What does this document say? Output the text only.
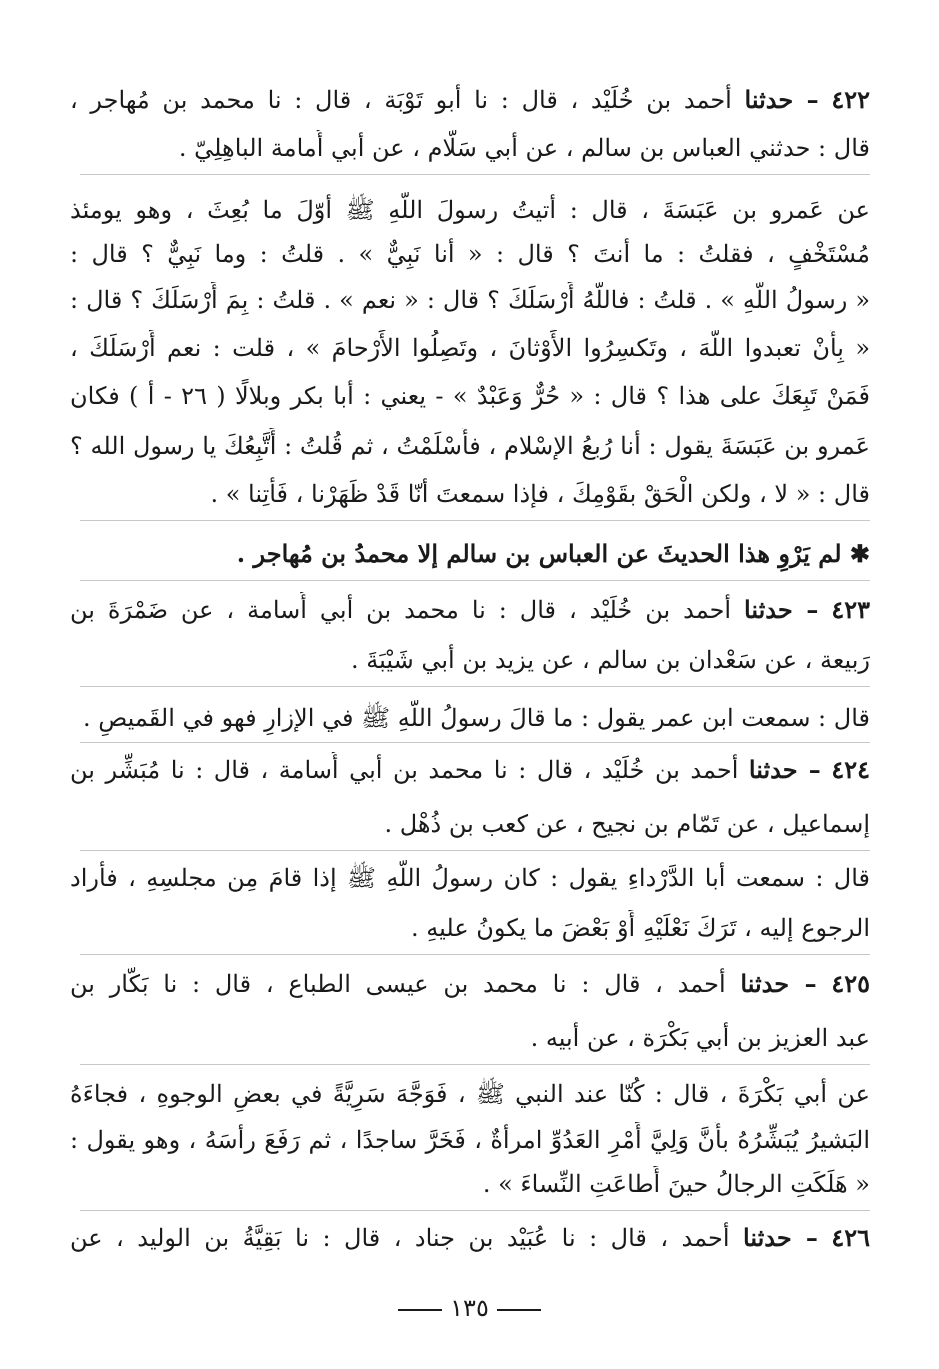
٤٢٢ – حدثنا أحمد بن خُلَيْد ، قال : نا أبو تَوْبَة ، قال : نا محمد بن مُهاجر ،
قال : حدثني العباس بن سالم ، عن أبي سَلّام ، عن أبي أُمامة الباهِلِيّ .
عن عَمرو بن عَبَسَةَ ، قال : أتيتُ رسولَ اللّهِ ﷺ أوّلَ ما بُعِثَ ، وهو يومئذ
مُسْتَخْفٍ ، فقلتُ : ما أنتَ ؟ قال : « أنا نَبِيٌّ » . قلتُ : وما نَبِيٌّ ؟ قال :
« رسولُ اللّهِ » . قلتُ : فاللّهُ أَرْسَلَكَ ؟ قال : « نعم » . قلتُ : بِمَ أَرْسَلَكَ ؟ قال :
« بِأَنْ تعبدوا اللّهَ ، وتَكسِرُوا الأَوْثانَ ، وتَصِلُوا الأَرْحامَ » ، قلت : نعم أَرْسَلَكَ ،
فَمَنْ تَبِعَكَ على هذا ؟ قال : « حُرٌّ وَعَبْدٌ » - يعني : أبا بكر وبلالًا ( ٢٦ - أ ) فكان
عَمرو بن عَبَسَةَ يقول : أنا رُبعُ الإسْلام ، فأَسْلَمْتُ ، ثم قُلتُ : أَتَّبِعُكَ يا رسول الله ؟
قال : « لا ، ولكن الْحَقْ بقَوْمِكَ ، فإذا سمعتَ أنّا قَدْ ظَهَرْنا ، فَأْتِنا » .
✱ لم يَرْوِ هذا الحديثَ عن العباس بن سالم إلا محمدُ بن مُهاجر .
٤٢٣ – حدثنا أحمد بن خُلَيْد ، قال : نا محمد بن أبي أُسامة ، عن ضَمْرَةَ بن
رَبيعة ، عن سَعْدان بن سالم ، عن يزيد بن أبي شَيْبَةَ .
قال : سمعت ابن عمر يقول : ما قالَ رسولُ اللّهِ ﷺ في الإزارِ فهو في القَميصِ .
٤٢٤ – حدثنا أحمد بن خُلَيْد ، قال : نا محمد بن أبي أُسامة ، قال : نا مُبَشِّر بن
إسماعيل ، عن تَمّام بن نجيح ، عن كعب بن ذُهْل .
قال : سمعت أبا الدَّرْداءِ يقول : كان رسولُ اللّهِ ﷺ إذا قامَ مِن مجلسِهِ ، فأراد
الرجوع إليه ، تَرَكَ نَعْلَيْهِ أَوْ بَعْضَ ما يكونُ عليهِ .
٤٢٥ – حدثنا أحمد ، قال : نا محمد بن عيسى الطباع ، قال : نا بَكّار بن
عبد العزيز بن أبي بَكْرَة ، عن أبيه .
عن أبي بَكْرَةَ ، قال : كُنّا عند النبي ﷺ ، فَوَجَّهَ سَرِيَّةً في بعضِ الوجوهِ ، فجاءَهُ
البَشيرُ يُبَشِّرُهُ بأَنَّ وَلِيَّ أَمْرِ العَدُوِّ امرأةٌ ، فَخَرَّ ساجدًا ، ثم رَفَعَ رأسَهُ ، وهو يقول :
« هَلَكَتِ الرجالُ حينَ أَطاعَتِ النِّساءَ » .
٤٢٦ – حدثنا أحمد ، قال : نا عُبَيْد بن جناد ، قال : نا بَقِيَّةُ بن الوليد ، عن
١٣٥
